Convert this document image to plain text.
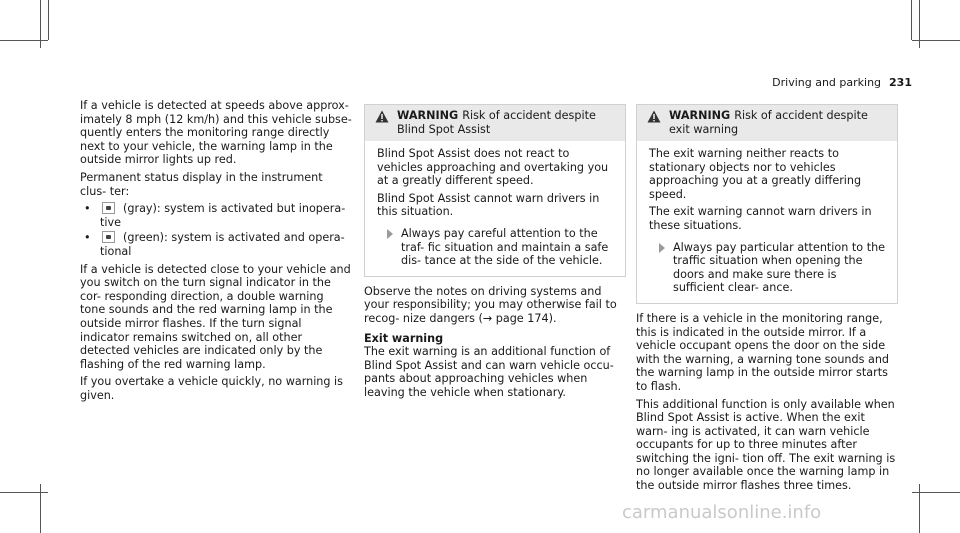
Driving and parking 231

If a vehicle is detected at speeds above approx- imately 8 mph (12 km/h) and this vehicle subse- quently enters the monitoring range directly next to your vehicle, the warning lamp in the outside mirror lights up red.

Permanent status display in the instrument clus- ter:

•	(gray): system is activated but inopera- tive
•	(green): system is activated and opera- tional

If a vehicle is detected close to your vehicle and you switch on the turn signal indicator in the cor- responding direction, a double warning tone sounds and the red warning lamp in the outside mirror flashes. If the turn signal indicator remains switched on, all other detected vehicles are indicated only by the flashing of the red warning lamp.

If you overtake a vehicle quickly, no warning is given.

WARNING Risk of accident despite Blind Spot Assist

Blind Spot Assist does not react to vehicles approaching and overtaking you at a greatly different speed.

Blind Spot Assist cannot warn drivers in this situation.

Always pay careful attention to the traf- fic situation and maintain a safe dis- tance at the side of the vehicle.

Observe the notes on driving systems and your responsibility; you may otherwise fail to recog- nize dangers (→ page 174).

Exit warning

The exit warning is an additional function of Blind Spot Assist and can warn vehicle occu- pants about approaching vehicles when leaving the vehicle when stationary.

WARNING Risk of accident despite exit warning

The exit warning neither reacts to stationary objects nor to vehicles approaching you at a greatly differing speed.

The exit warning cannot warn drivers in these situations.

Always pay particular attention to the traffic situation when opening the doors and make sure there is sufficient clear- ance.

If there is a vehicle in the monitoring range, this is indicated in the outside mirror. If a vehicle occupant opens the door on the side with the warning, a warning tone sounds and the warning lamp in the outside mirror starts to flash.

This additional function is only available when Blind Spot Assist is active. When the exit warn- ing is activated, it can warn vehicle occupants for up to three minutes after switching the igni- tion off. The exit warning is no longer available once the warning lamp in the outside mirror flashes three times.

carmanualsonline.info
